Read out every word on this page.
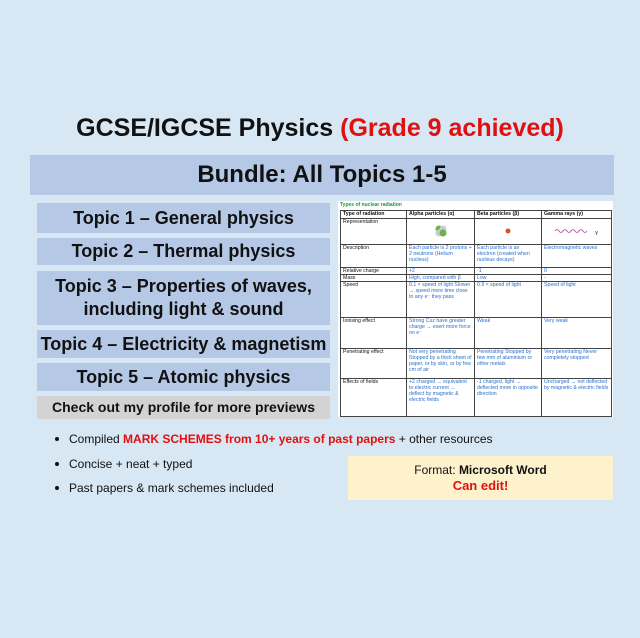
GCSE/IGCSE Physics (Grade 9 achieved)
Bundle: All Topics 1-5
Topic 1 – General physics
Topic 2 – Thermal physics
Topic 3 – Properties of waves, including light & sound
Topic 4 – Electricity & magnetism
Topic 5 – Atomic physics
Check out my profile for more previews
Types of nuclear radiation
Type of radiation	Alpha particles (α)	Beta particles (β)	Gamma rays (γ)
Representation			γ
Description	Each particle is 2 protons + 2 neutrons (Helium nucleus)	Each particle is an electron (created when nucleus decays)	Electromagnetic waves
Relative charge	+2	-1	0
Mass	High, compared with β	Low	-
Speed	0.1 × speed of light Slower → speed more time close to any e⁻ they pass	0.9 × speed of light	Speed of light
Ionising effect	Strong Cuz have greater charge → exert more force on e⁻	Weak	Very weak
Penetrating effect	Not very penetrating Stopped by a thick sheet of paper, or by skin, or by few cm of air	Penetrating Stopped by few mm of aluminium or other metals	Very penetrating Never completely stopped
Effects of fields	+2 charged → equivalent to electric current → deflect by magnetic & electric fields	-1 charged, light → deflected more in opposite direction	Uncharged → not deflected by magnetic & electric fields
Compiled MARK SCHEMES from 10+ years of past papers + other resources
Concise + neat + typed
Past papers & mark schemes included
Format: Microsoft Word
Can edit!
